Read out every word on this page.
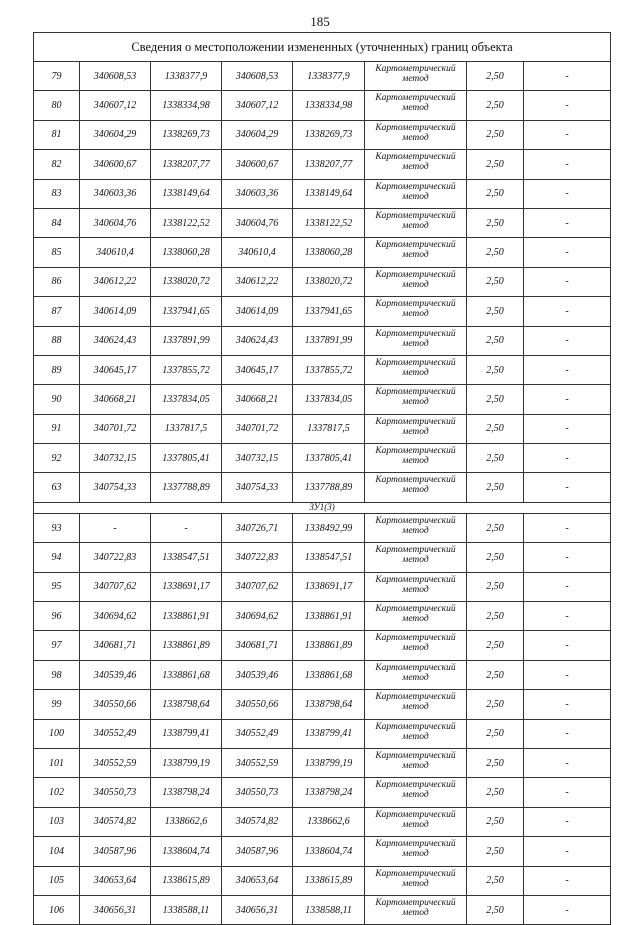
185
Сведения о местоположении измененных (уточненных) границ объекта							
79	340608,53	1338377,9	340608,53	1338377,9	Картометрический метод	2,50	-
80	340607,12	1338334,98	340607,12	1338334,98	Картометрический метод	2,50	-
81	340604,29	1338269,73	340604,29	1338269,73	Картометрический метод	2,50	-
82	340600,67	1338207,77	340600,67	1338207,77	Картометрический метод	2,50	-
83	340603,36	1338149,64	340603,36	1338149,64	Картометрический метод	2,50	-
84	340604,76	1338122,52	340604,76	1338122,52	Картометрический метод	2,50	-
85	340610,4	1338060,28	340610,4	1338060,28	Картометрический метод	2,50	-
86	340612,22	1338020,72	340612,22	1338020,72	Картометрический метод	2,50	-
87	340614,09	1337941,65	340614,09	1337941,65	Картометрический метод	2,50	-
88	340624,43	1337891,99	340624,43	1337891,99	Картометрический метод	2,50	-
89	340645,17	1337855,72	340645,17	1337855,72	Картометрический метод	2,50	-
90	340668,21	1337834,05	340668,21	1337834,05	Картометрический метод	2,50	-
91	340701,72	1337817,5	340701,72	1337817,5	Картометрический метод	2,50	-
92	340732,15	1337805,41	340732,15	1337805,41	Картометрический метод	2,50	-
63	340754,33	1337788,89	340754,33	1337788,89	Картометрический метод	2,50	-
ЗУ1(3)							
93	-	-	340726,71	1338492,99	Картометрический метод	2,50	-
94	340722,83	1338547,51	340722,83	1338547,51	Картометрический метод	2,50	-
95	340707,62	1338691,17	340707,62	1338691,17	Картометрический метод	2,50	-
96	340694,62	1338861,91	340694,62	1338861,91	Картометрический метод	2,50	-
97	340681,71	1338861,89	340681,71	1338861,89	Картометрический метод	2,50	-
98	340539,46	1338861,68	340539,46	1338861,68	Картометрический метод	2,50	-
99	340550,66	1338798,64	340550,66	1338798,64	Картометрический метод	2,50	-
100	340552,49	1338799,41	340552,49	1338799,41	Картометрический метод	2,50	-
101	340552,59	1338799,19	340552,59	1338799,19	Картометрический метод	2,50	-
102	340550,73	1338798,24	340550,73	1338798,24	Картометрический метод	2,50	-
103	340574,82	1338662,6	340574,82	1338662,6	Картометрический метод	2,50	-
104	340587,96	1338604,74	340587,96	1338604,74	Картометрический метод	2,50	-
105	340653,64	1338615,89	340653,64	1338615,89	Картометрический метод	2,50	-
106	340656,31	1338588,11	340656,31	1338588,11	Картометрический метод	2,50	-
